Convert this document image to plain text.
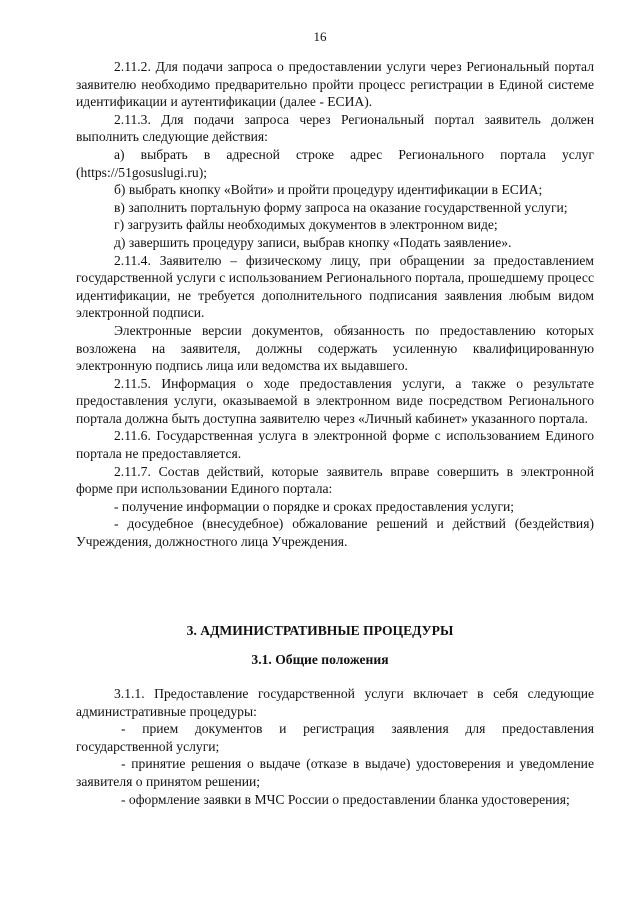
16

2.11.2. Для подачи запроса о предоставлении услуги через Региональный портал заявителю необходимо предварительно пройти процесс регистрации в Единой системе идентификации и аутентификации (далее - ЕСИА).

2.11.3. Для подачи запроса через Региональный портал заявитель должен выполнить следующие действия:

а) выбрать в адресной строке адрес Регионального портала услуг (https://51gosuslugi.ru);

б) выбрать кнопку «Войти» и пройти процедуру идентификации в ЕСИА;

в) заполнить портальную форму запроса на оказание государственной услуги;

г) загрузить файлы необходимых документов в электронном виде;

д) завершить процедуру записи, выбрав кнопку «Подать заявление».

2.11.4. Заявителю – физическому лицу, при обращении за предоставлением государственной услуги с использованием Регионального портала, прошедшему процесс идентификации, не требуется дополнительного подписания заявления любым видом электронной подписи.

Электронные версии документов, обязанность по предоставлению которых возложена на заявителя, должны содержать усиленную квалифицированную электронную подпись лица или ведомства их выдавшего.

2.11.5. Информация о ходе предоставления услуги, а также о результате предоставления услуги, оказываемой в электронном виде посредством Регионального портала должна быть доступна заявителю через «Личный кабинет» указанного портала.

2.11.6. Государственная услуга в электронной форме с использованием Единого портала не предоставляется.

2.11.7. Состав действий, которые заявитель вправе совершить в электронной форме при использовании Единого портала:

- получение информации о порядке и сроках предоставления услуги;

- досудебное (внесудебное) обжалование решений и действий (бездействия) Учреждения, должностного лица Учреждения.

3. АДМИНИСТРАТИВНЫЕ ПРОЦЕДУРЫ
3.1. Общие положения

3.1.1. Предоставление государственной услуги включает в себя следующие административные процедуры:

- прием документов и регистрация заявления для предоставления государственной услуги;

- принятие решения о выдаче (отказе в выдаче) удостоверения и уведомление заявителя о принятом решении;

- оформление заявки в МЧС России о предоставлении бланка удостоверения;
